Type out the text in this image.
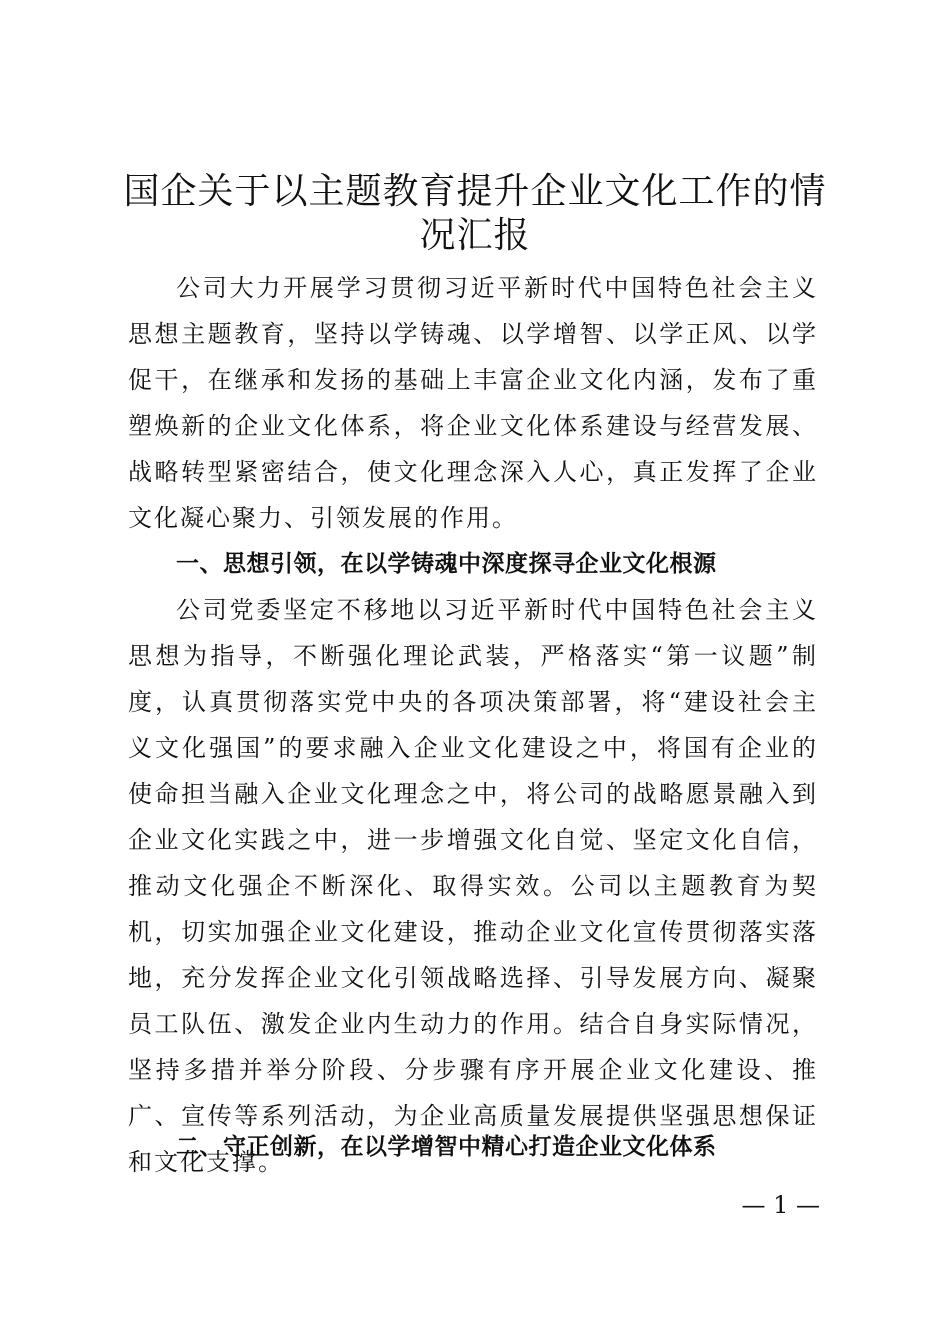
国企关于以主题教育提升企业文化工作的情况汇报
公司大力开展学习贯彻习近平新时代中国特色社会主义思想主题教育，坚持以学铸魂、以学增智、以学正风、以学促干，在继承和发扬的基础上丰富企业文化内涵，发布了重塑焕新的企业文化体系，将企业文化体系建设与经营发展、战略转型紧密结合，使文化理念深入人心，真正发挥了企业文化凝心聚力、引领发展的作用。
一、思想引领，在以学铸魂中深度探寻企业文化根源
公司党委坚定不移地以习近平新时代中国特色社会主义思想为指导，不断强化理论武装，严格落实“第一议题”制度，认真贯彻落实党中央的各项决策部署，将“建设社会主义文化强国”的要求融入企业文化建设之中，将国有企业的使命担当融入企业文化理念之中，将公司的战略愿景融入到企业文化实践之中，进一步增强文化自觉、坚定文化自信，推动文化强企不断深化、取得实效。公司以主题教育为契机，切实加强企业文化建设，推动企业文化宣传贯彻落实落地，充分发挥企业文化引领战略选择、引导发展方向、凝聚员工队伍、激发企业内生动力的作用。结合自身实际情况，坚持多措并举分阶段、分步骤有序开展企业文化建设、推广、宣传等系列活动，为企业高质量发展提供坚强思想保证和文化支撑。
二、守正创新，在以学增智中精心打造企业文化体系
— 1 —
